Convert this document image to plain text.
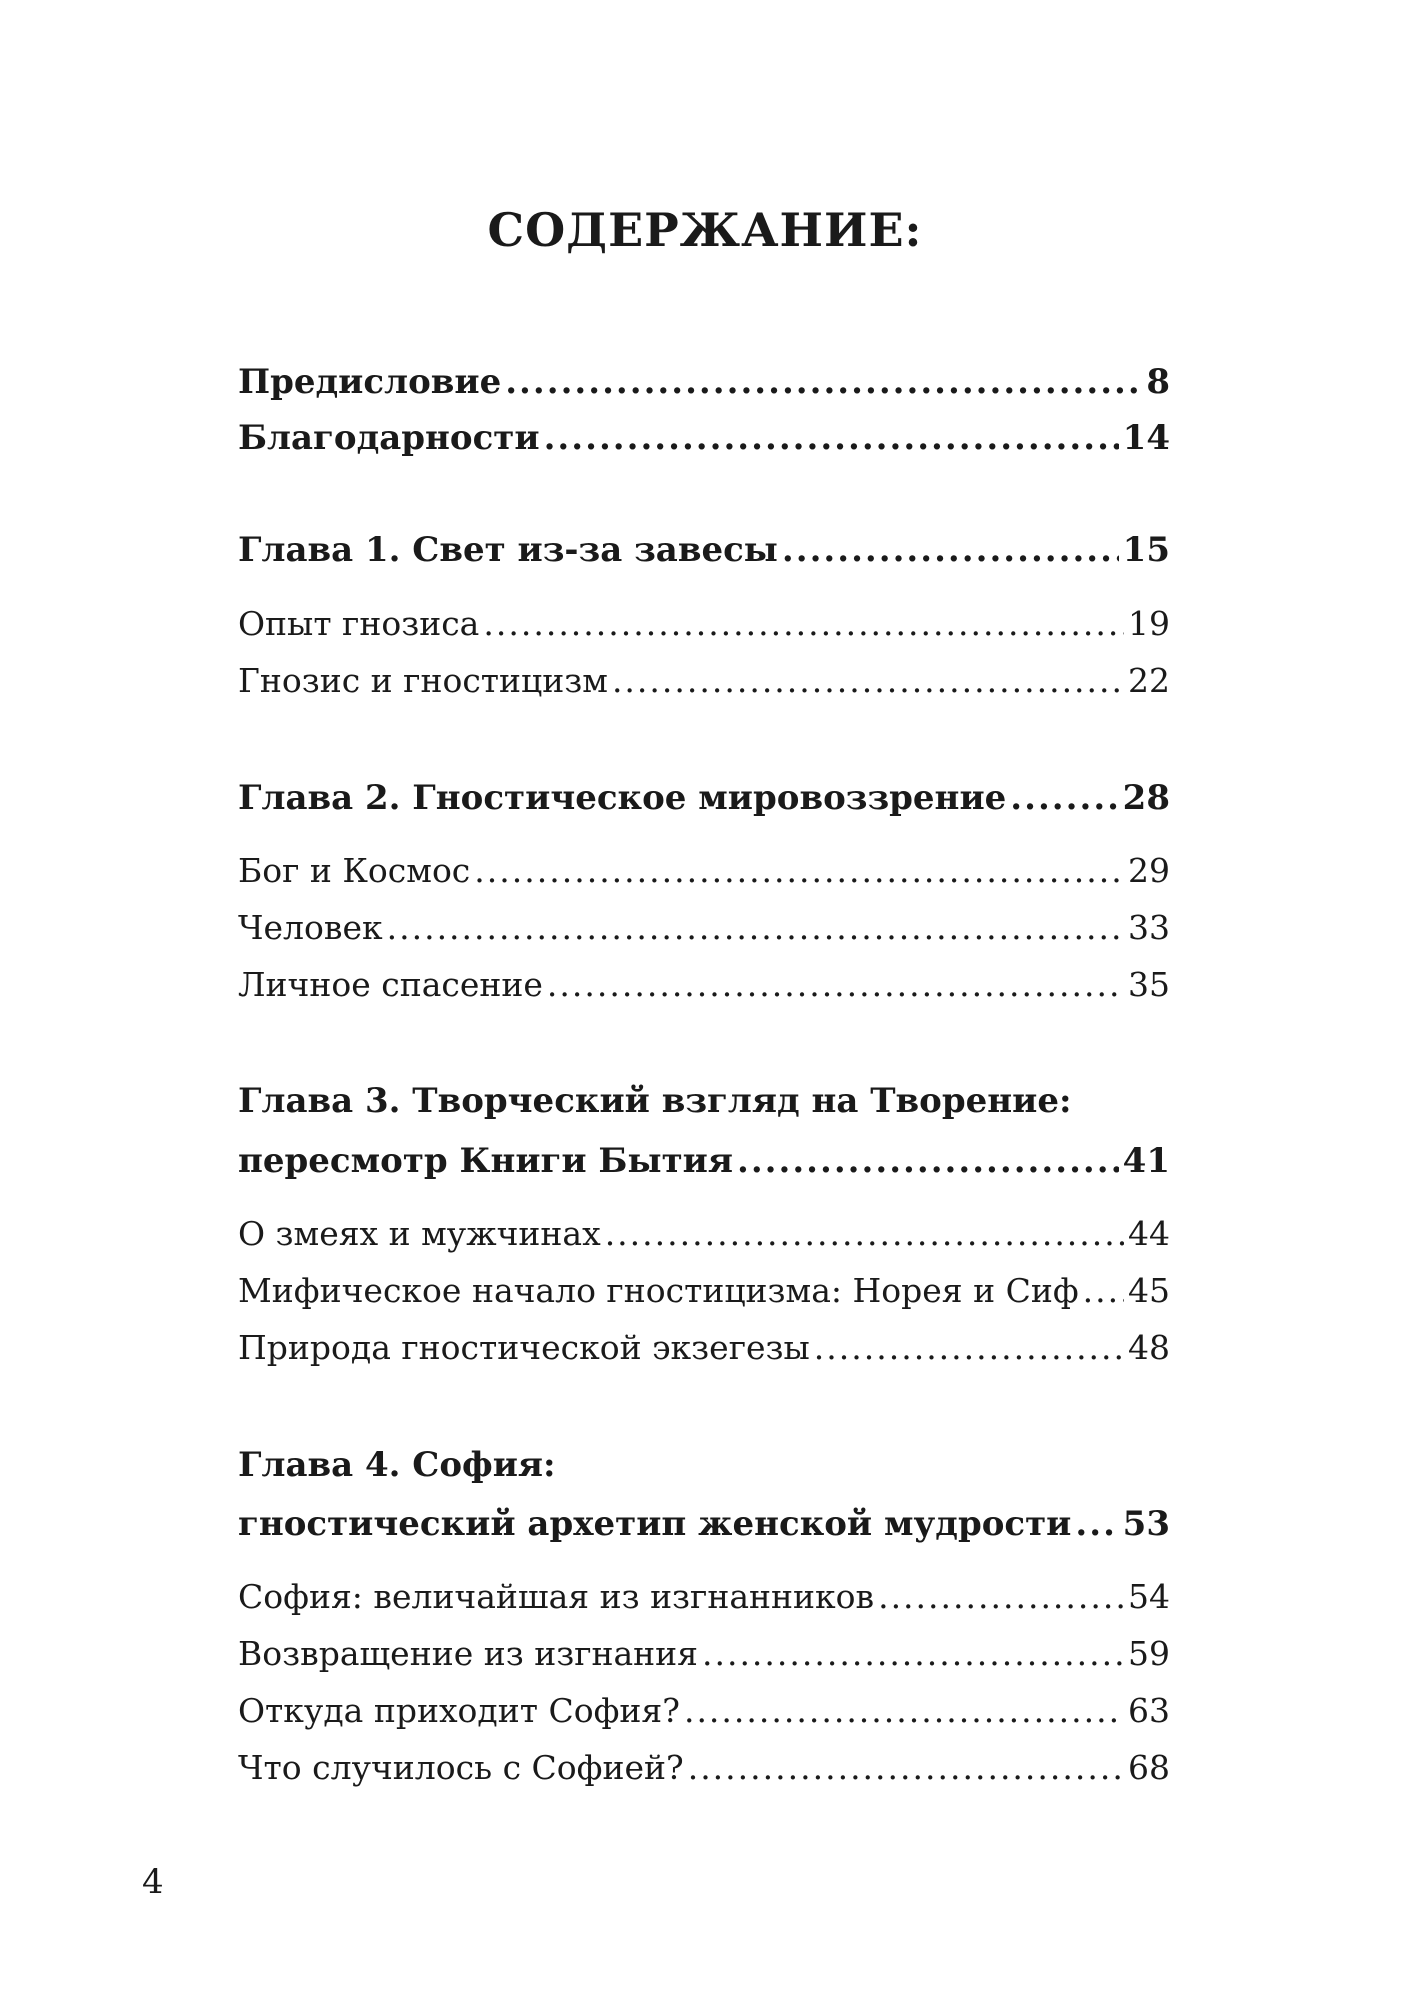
СОДЕРЖАНИЕ:
Предисловие .....	8
Благодарности .....	14
Глава 1. Свет из-за завесы .....	15
Опыт гнозиса .....	19
Гнозис и гностицизм .....	22
Глава 2. Гностическое мировоззрение .....	28
Бог и Космос .....	29
Человек .....	33
Личное спасение .....	35
Глава 3. Творческий взгляд на Творение:
пересмотр Книги Бытия .....	41
О змеях и мужчинах .....	44
Мифическое начало гностицизма: Норея и Сиф ..... 45
Природа гностической экзегезы .....	48
Глава 4. София:
гностический архетип женской мудрости ..... 53
София: величайшая из изгнанников .....	54
Возвращение из изгнания .....	59
Откуда приходит София? .....	63
Что случилось с Софией? .....	68
4
